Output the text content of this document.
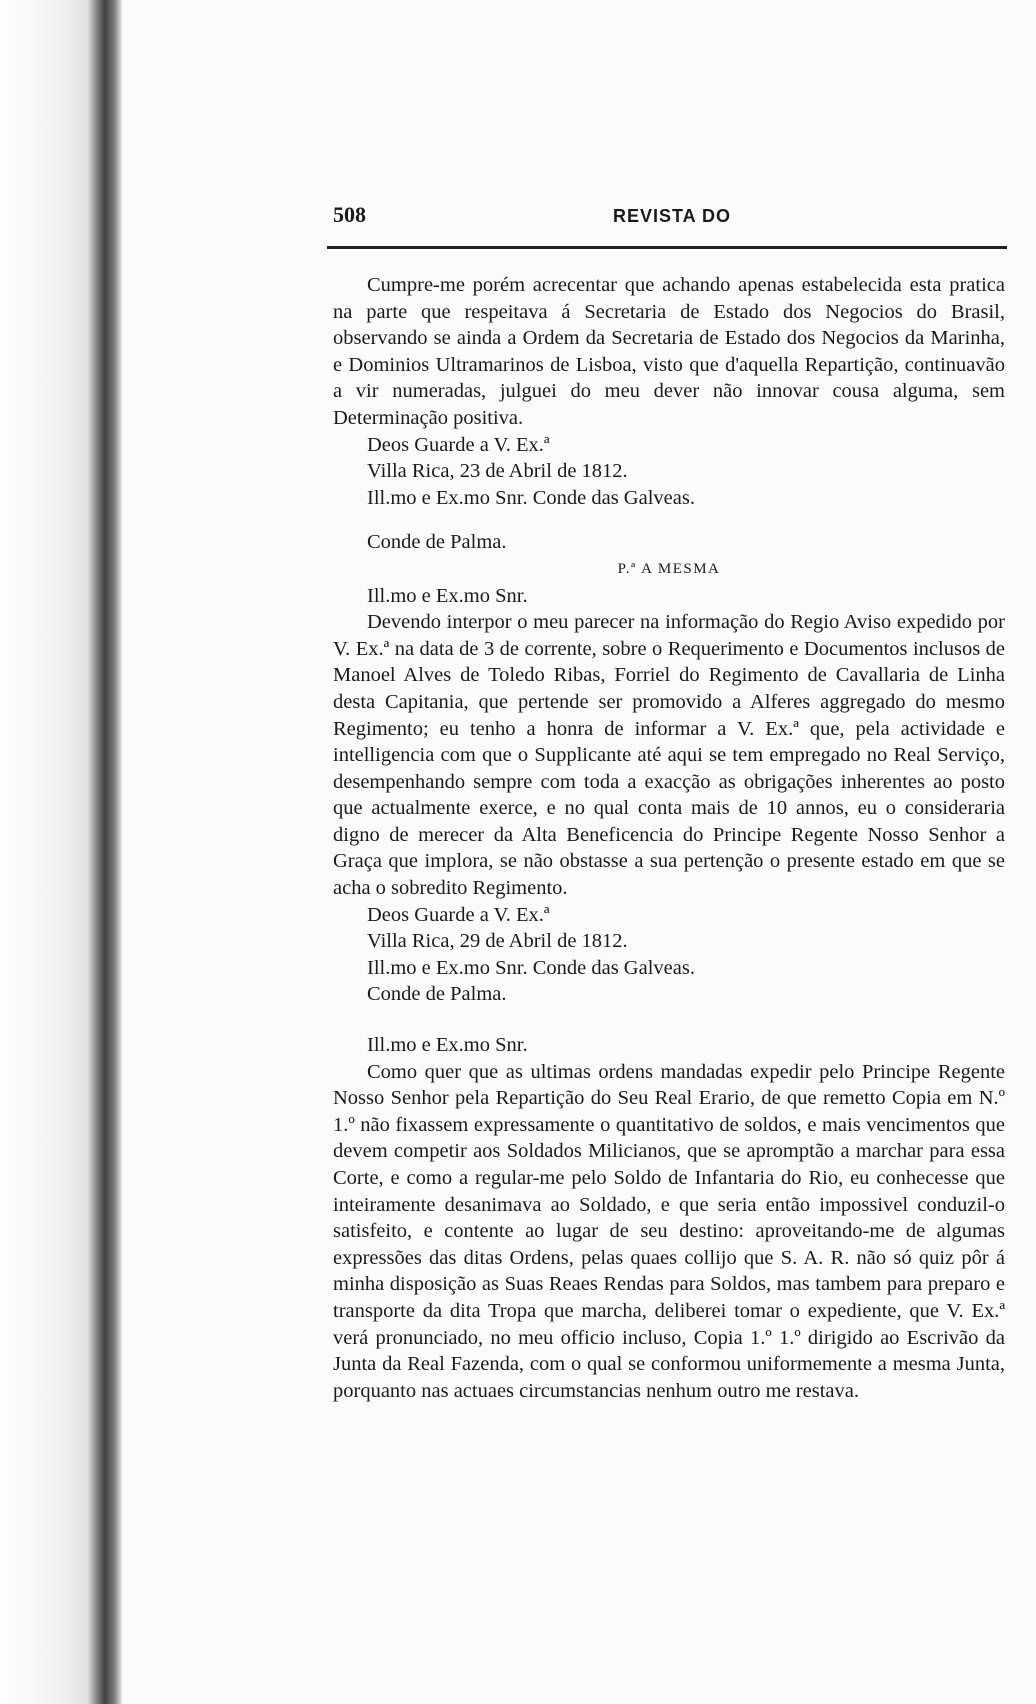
508	REVISTA DO

Cumpre-me porém acrecentar que achando apenas estabelecida esta pratica na parte que respeitava á Secretaria de Estado dos Negocios do Brasil, observando se ainda a Ordem da Secretaria de Estado dos Negocios da Marinha, e Dominios Ultramarinos de Lisboa, visto que d'aquella Repartição, continuavão a vir numeradas, julguei do meu dever não innovar cousa alguma, sem Determinação positiva.

Deos Guarde a V. Ex.ª

Villa Rica, 23 de Abril de 1812.

Ill.mo e Ex.mo Snr. Conde das Galveas.

Conde de Palma.

P.ª A MESMA

Ill.mo e Ex.mo Snr.

Devendo interpor o meu parecer na informação do Regio Aviso expedido por V. Ex.ª na data de 3 de corrente, sobre o Requerimento e Documentos inclusos de Manoel Alves de Toledo Ribas, Forriel do Regimento de Cavallaria de Linha desta Capitania, que pertende ser promovido a Alferes aggregado do mesmo Regimento; eu tenho a honra de informar a V. Ex.ª que, pela actividade e intelligencia com que o Supplicante até aqui se tem empregado no Real Serviço, desempenhando sempre com toda a exacção as obrigações inherentes ao posto que actualmente exerce, e no qual conta mais de 10 annos, eu o consideraria digno de merecer da Alta Beneficencia do Principe Regente Nosso Senhor a Graça que implora, se não obstasse a sua pertenção o presente estado em que se acha o sobredito Regimento.

Deos Guarde a V. Ex.ª

Villa Rica, 29 de Abril de 1812.

Ill.mo e Ex.mo Snr. Conde das Galveas.

Conde de Palma.

Ill.mo e Ex.mo Snr.

Como quer que as ultimas ordens mandadas expedir pelo Principe Regente Nosso Senhor pela Repartição do Seu Real Erario, de que remetto Copia em N.º 1.º não fixassem expressamente o quantitativo de soldos, e mais vencimentos que devem competir aos Soldados Milicianos, que se apromptão a marchar para essa Corte, e como a regular-me pelo Soldo de Infantaria do Rio, eu conhecesse que inteiramente desanimava ao Soldado, e que seria então impossivel conduzil-o satisfeito, e contente ao lugar de seu destino: aproveitando-me de algumas expressões das ditas Ordens, pelas quaes collijo que S. A. R. não só quiz pôr á minha disposição as Suas Reaes Rendas para Soldos, mas tambem para preparo e transporte da dita Tropa que marcha, deliberei tomar o expediente, que V. Ex.ª verá pronunciado, no meu officio incluso, Copia 1.º 1.º dirigido ao Escrivão da Junta da Real Fazenda, com o qual se conformou uniformemente a mesma Junta, porquanto nas actuaes circumstancias nenhum outro me restava.
